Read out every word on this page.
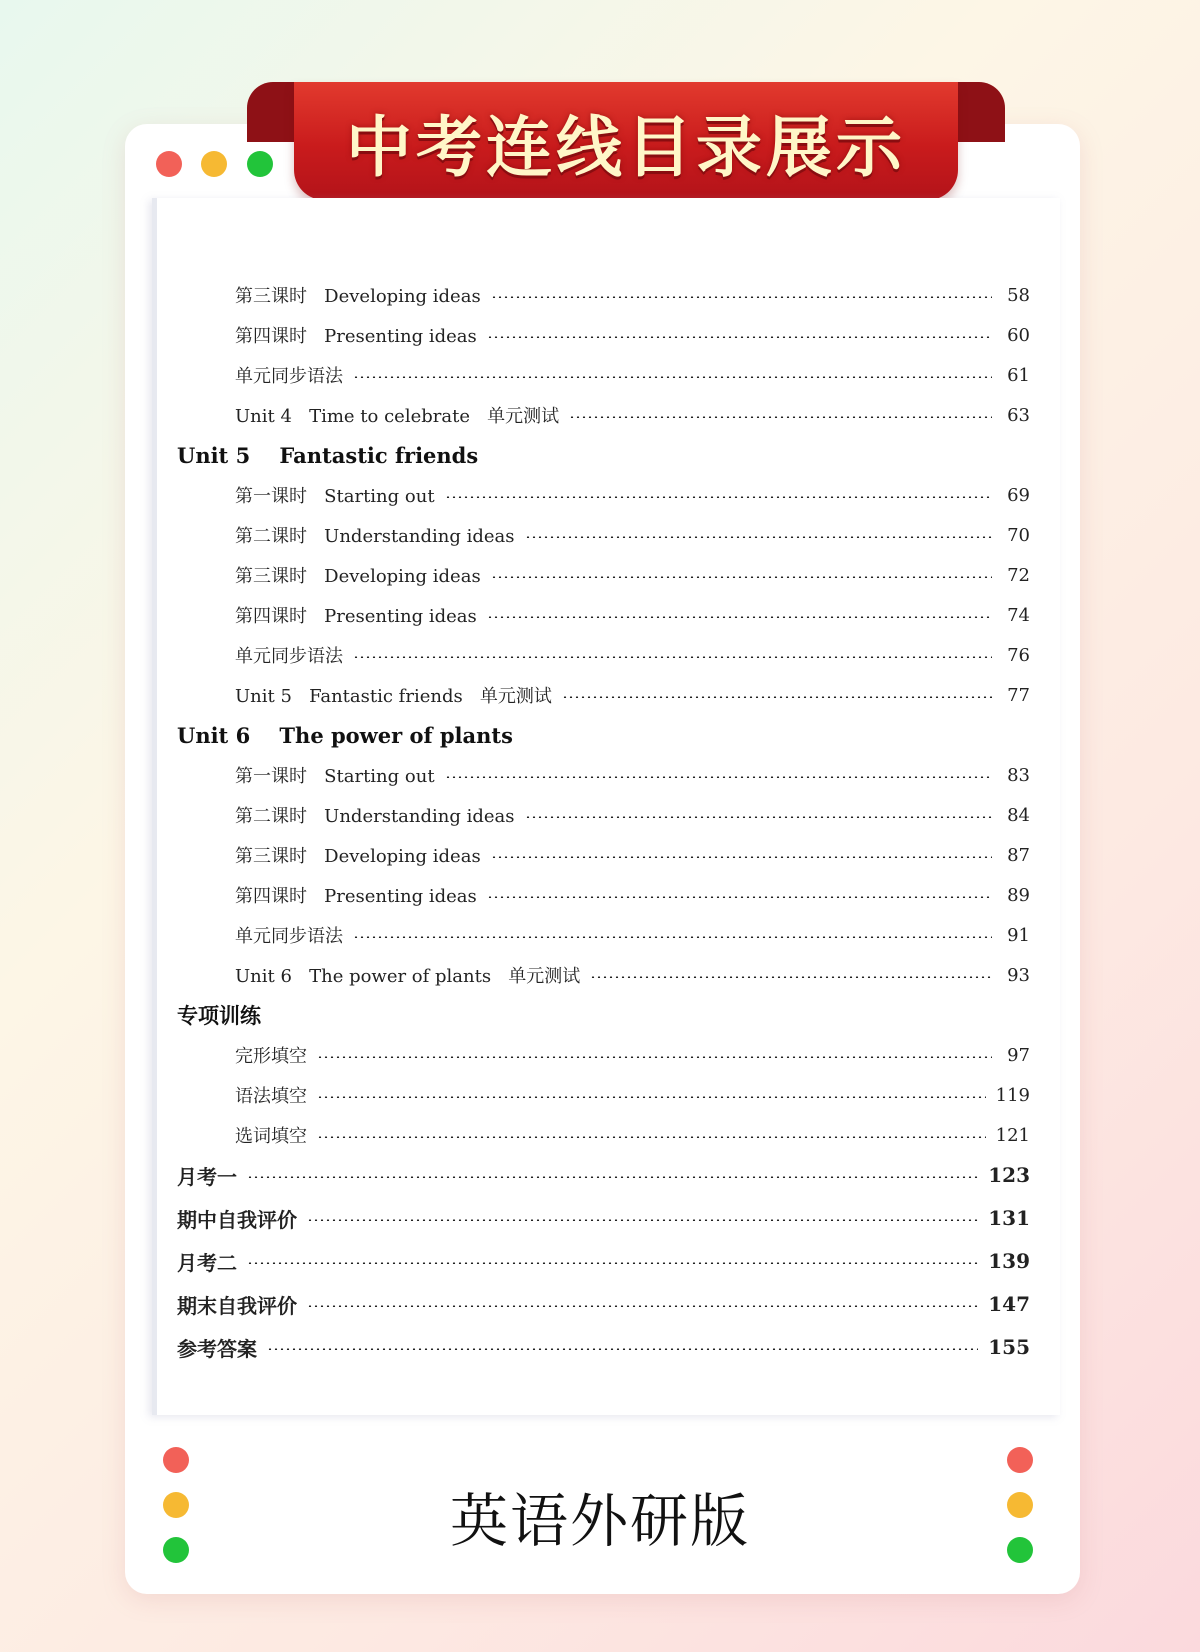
中考连线目录展示
第三课时   Developing ideas	58
第四课时   Presenting ideas	60
单元同步语法	61
Unit 4   Time to celebrate   单元测试	63
Unit 5    Fantastic friends
第一课时   Starting out	69
第二课时   Understanding ideas	70
第三课时   Developing ideas	72
第四课时   Presenting ideas	74
单元同步语法	76
Unit 5   Fantastic friends   单元测试	77
Unit 6    The power of plants
第一课时   Starting out	83
第二课时   Understanding ideas	84
第三课时   Developing ideas	87
第四课时   Presenting ideas	89
单元同步语法	91
Unit 6   The power of plants   单元测试	93
专项训练
完形填空	97
语法填空	119
选词填空	121
月考一	123
期中自我评价	131
月考二	139
期末自我评价	147
参考答案	155
英语外研版
